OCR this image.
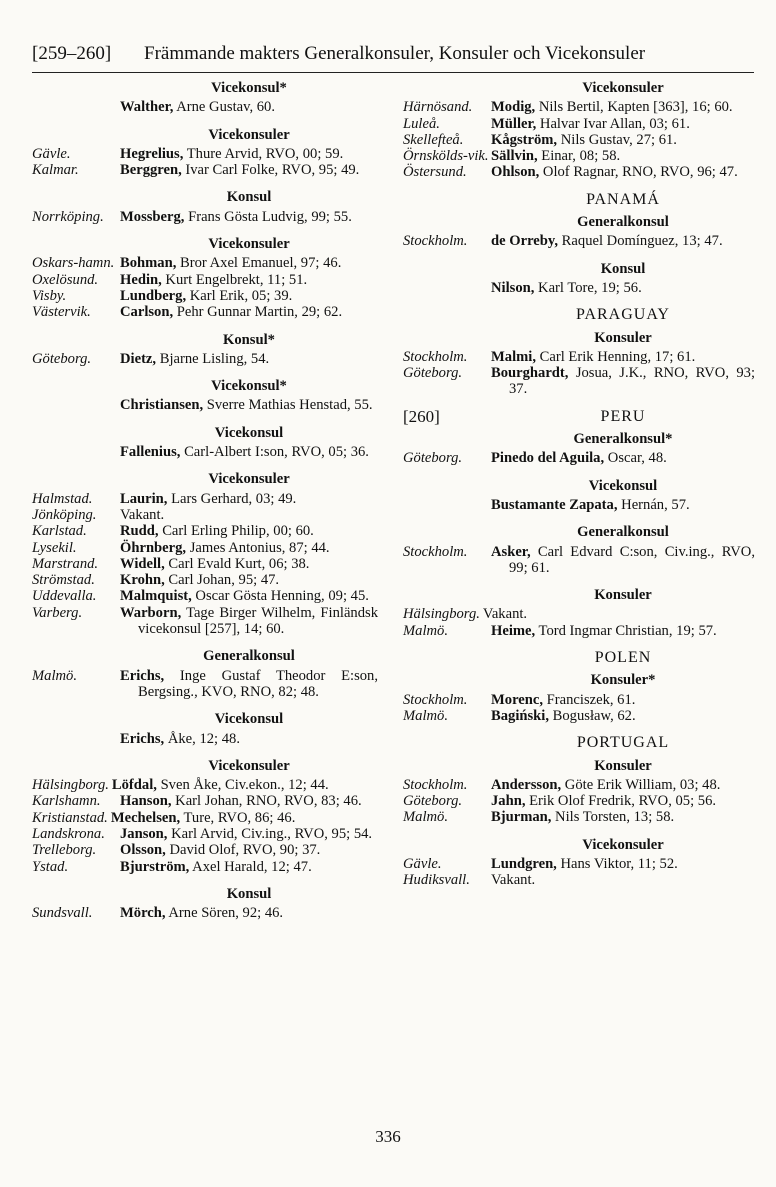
[259–260] Främmande makters Generalkonsuler, Konsuler och Vicekonsuler
Vicekonsul*
Walther, Arne Gustav, 60.
Vicekonsuler
Gävle.	Hegrelius, Thure Arvid, RVO, 00; 59.
Kalmar.	Berggren, Ivar Carl Folke, RVO, 95; 49.
Konsul
Norrköping.	Mossberg, Frans Gösta Ludvig, 99; 55.
Vicekonsuler
Oskars-hamn. Bohman, Bror Axel Emanuel, 97; 46.
Oxelösund.	Hedin, Kurt Engelbrekt, 11; 51.
Visby.	Lundberg, Karl Erik, 05; 39.
Västervik.	Carlson, Pehr Gunnar Martin, 29; 62.
Konsul*
Göteborg.	Dietz, Bjarne Lisling, 54.
Vicekonsul*
Christiansen, Sverre Mathias Henstad, 55.
Vicekonsul
Fallenius, Carl-Albert I:son, RVO, 05; 36.
Vicekonsuler
Halmstad.	Laurin, Lars Gerhard, 03; 49.
Jönköping.	Vakant.
Karlstad.	Rudd, Carl Erling Philip, 00; 60.
Lysekil.	Öhrnberg, James Antonius, 87; 44.
Marstrand.	Widell, Carl Evald Kurt, 06; 38.
Strömstad.	Krohn, Carl Johan, 95; 47.
Uddevalla.	Malmquist, Oscar Gösta Henning, 09; 45.
Varberg.	Warborn, Tage Birger Wilhelm, Finländsk vicekonsul [257], 14; 60.
Generalkonsul
Malmö.	Erichs, Inge Gustaf Theodor E:son, Bergsing., KVO, RNO, 82; 48.
Vicekonsul
Erichs, Åke, 12; 48.
Vicekonsuler
Hälsingborg. Löfdal, Sven Åke, Civ.ekon., 12; 44.
Karlshamn.	Hanson, Karl Johan, RNO, RVO, 83; 46.
Kristianstad. Mechelsen, Ture, RVO, 86; 46.
Landskrona.	Janson, Karl Arvid, Civ.ing., RVO, 95; 54.
Trelleborg.	Olsson, David Olof, RVO, 90; 37.
Ystad.	Bjurström, Axel Harald, 12; 47.
Konsul
Sundsvall.	Mörch, Arne Sören, 92; 46.
Vicekonsuler
Härnösand.	Modig, Nils Bertil, Kapten [363], 16; 60.
Luleå.	Müller, Halvar Ivar Allan, 03; 61.
Skellefteå.	Kågström, Nils Gustav, 27; 61.
Örnskölds-vik. Sällvin, Einar, 08; 58.
Östersund.	Ohlson, Olof Ragnar, RNO, RVO, 96; 47.
PANAMÁ
Generalkonsul
Stockholm.	de Orreby, Raquel Domínguez, 13; 47.
Konsul
Nilson, Karl Tore, 19; 56.
PARAGUAY
Konsuler
Stockholm.	Malmi, Carl Erik Henning, 17; 61.
Göteborg.	Bourghardt, Josua, J.K., RNO, RVO, 93; 37.
[260]	PERU
Generalkonsul*
Göteborg.	Pinedo del Aguila, Oscar, 48.
Vicekonsul
Bustamante Zapata, Hernán, 57.
Generalkonsul
Stockholm.	Asker, Carl Edvard C:son, Civ.ing., RVO, 99; 61.
Konsuler
Hälsingborg. Vakant.
Malmö.	Heime, Tord Ingmar Christian, 19; 57.
POLEN
Konsuler*
Stockholm.	Morenc, Franciszek, 61.
Malmö.	Bagiński, Bogusław, 62.
PORTUGAL
Konsuler
Stockholm.	Andersson, Göte Erik William, 03; 48.
Göteborg.	Jahn, Erik Olof Fredrik, RVO, 05; 56.
Malmö.	Bjurman, Nils Torsten, 13; 58.
Vicekonsuler
Gävle.	Lundgren, Hans Viktor, 11; 52.
Hudiksvall.	Vakant.
336
